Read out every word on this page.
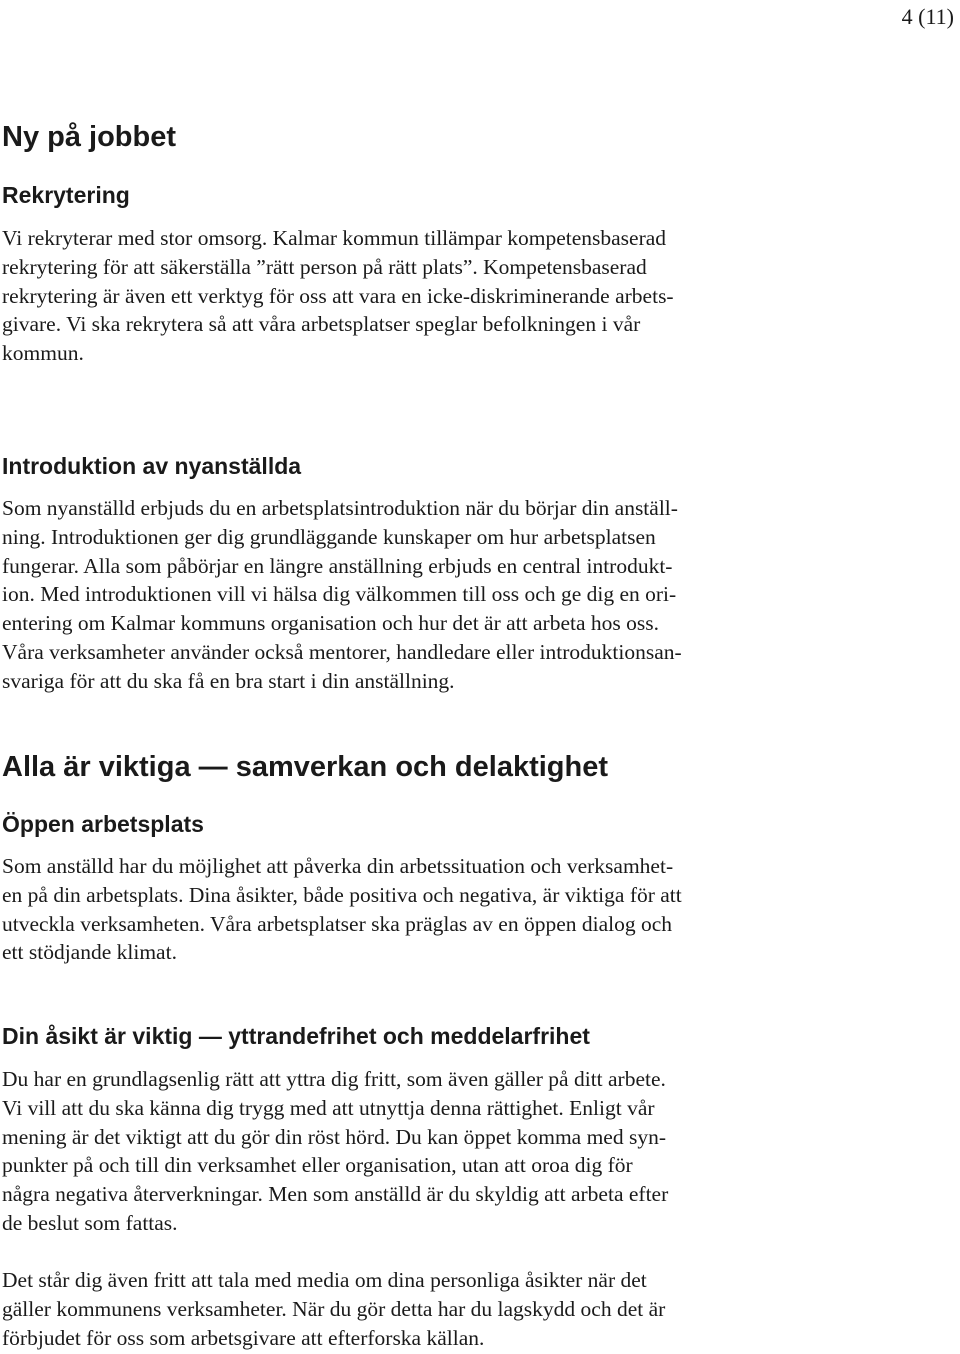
4 (11)
Ny på jobbet
Rekrytering

Vi rekryterar med stor omsorg. Kalmar kommun tillämpar kompetensbaserad

rekrytering för att säkerställa ”rätt person på rätt plats”. Kompetensbaserad

rekrytering är även ett verktyg för oss att vara en icke-diskriminerande arbets-

givare. Vi ska rekrytera så att våra arbetsplatser speglar befolkningen i vår

kommun.

Introduktion av nyanställda

Som nyanställd erbjuds du en arbetsplatsintroduktion när du börjar din anställ-

ning. Introduktionen ger dig grundläggande kunskaper om hur arbetsplatsen

fungerar. Alla som påbörjar en längre anställning erbjuds en central introdukt-

ion. Med introduktionen vill vi hälsa dig välkommen till oss och ge dig en ori-

entering om Kalmar kommuns organisation och hur det är att arbeta hos oss.

Våra verksamheter använder också mentorer, handledare eller introduktionsan-

svariga för att du ska få en bra start i din anställning.

Alla är viktiga — samverkan och delaktighet
Öppen arbetsplats

Som anställd har du möjlighet att påverka din arbetssituation och verksamhet-

en på din arbetsplats. Dina åsikter, både positiva och negativa, är viktiga för att

utveckla verksamheten. Våra arbetsplatser ska präglas av en öppen dialog och

ett stödjande klimat.

Din åsikt är viktig — yttrandefrihet och meddelarfrihet

Du har en grundlagsenlig rätt att yttra dig fritt, som även gäller på ditt arbete.

Vi vill att du ska känna dig trygg med att utnyttja denna rättighet. Enligt vår

mening är det viktigt att du gör din röst hörd. Du kan öppet komma med syn-

punkter på och till din verksamhet eller organisation, utan att oroa dig för

några negativa återverkningar. Men som anställd är du skyldig att arbeta efter

de beslut som fattas.

Det står dig även fritt att tala med media om dina personliga åsikter när det

gäller kommunens verksamheter. När du gör detta har du lagskydd och det är

förbjudet för oss som arbetsgivare att efterforska källan.
